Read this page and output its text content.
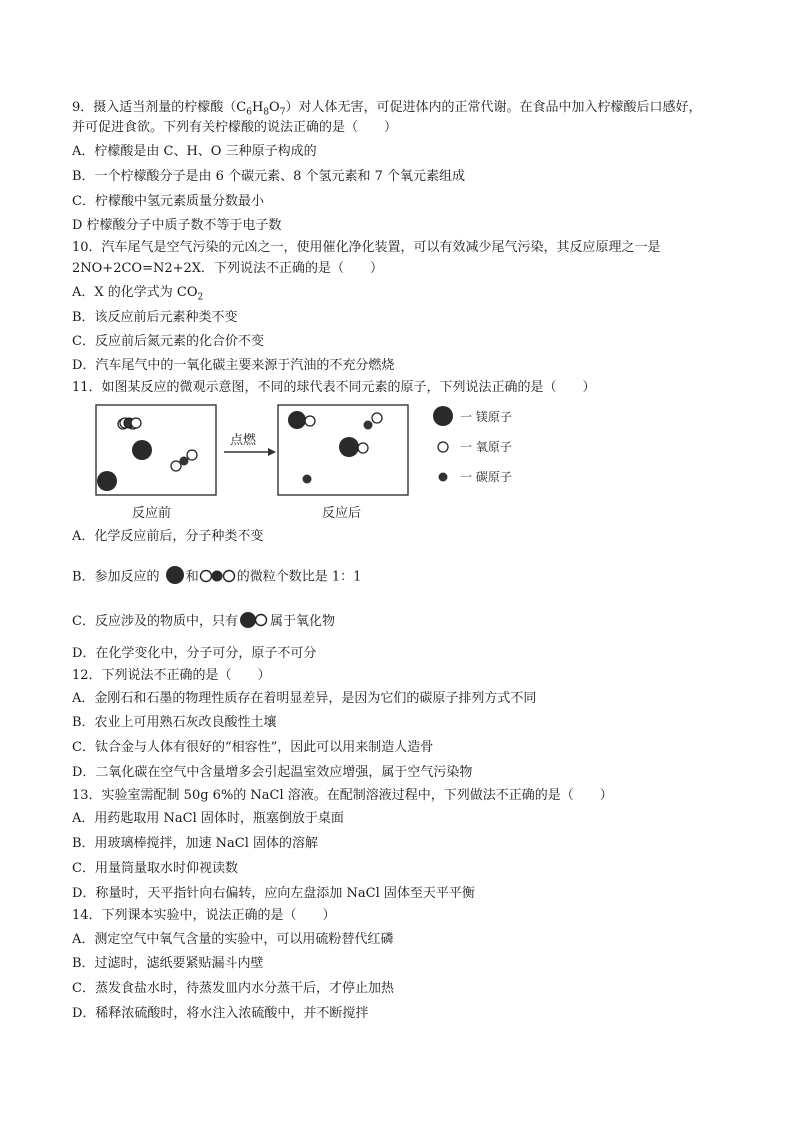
9．摄入适当剂量的柠檬酸$(C_6H_8O_7)$对人体无害，可促进体内的正常代谢。在食品中加入柠檬酸后口感好，
并可促进食欲。下列有关柠檬酸的说法正确的是（　　）
A．柠檬酸是由 C、H、O 三种原子构成的
B．一个柠檬酸分子是由 6 个碳元素、8 个氢元素和 7 个氧元素组成
C．柠檬酸中氢元素质量分数最小
D 柠檬酸分子中质子数不等于电子数
10．汽车尾气是空气污染的元凶之一，使用催化净化装置，可以有效减少尾气污染，其反应原理之一是
2NO+2CO=N2+2X．下列说法不正确的是（　　）
A．X 的化学式为 $CO_2$
B．该反应前后元素种类不变
C．反应前后氮元素的化合价不变
D．汽车尾气中的一氧化碳主要来源于汽油的不充分燃烧
11．如图某反应的微观示意图，不同的球代表不同元素的原子，下列说法正确的是（　　）
点燃
一 镁原子
一 氧原子
一 碳原子
反应前	反应后
A．化学反应前后，分子种类不变
B．参加反应的 和	的微粒个数比是 1：1
C．反应涉及的物质中，只有 属于氧化物
D．在化学变化中，分子可分，原子不可分
12．下列说法不正确的是（　　）
A．金刚石和石墨的物理性质存在着明显差异，是因为它们的碳原子排列方式不同
B．农业上可用熟石灰改良酸性土壤
C．钛合金与人体有很好的“相容性”，因此可以用来制造人造骨
D．二氧化碳在空气中含量增多会引起温室效应增强，属于空气污染物
13．实验室需配制 50g 6%的 NaCl 溶液。在配制溶液过程中，下列做法不正确的是（　　）
A．用药匙取用 NaCl 固体时，瓶塞倒放于桌面
B．用玻璃棒搅拌，加速 NaCl 固体的溶解
C．用量筒量取水时仰视读数
D．称量时，天平指针向右偏转，应向左盘添加 NaCl 固体至天平平衡
14．下列课本实验中，说法正确的是（　　）
A．测定空气中氧气含量的实验中，可以用硫粉替代红磷
B．过滤时，滤纸要紧贴漏斗内壁
C．蒸发食盐水时，待蒸发皿内水分蒸干后，才停止加热
D．稀释浓硫酸时，将水注入浓硫酸中，并不断搅拌
